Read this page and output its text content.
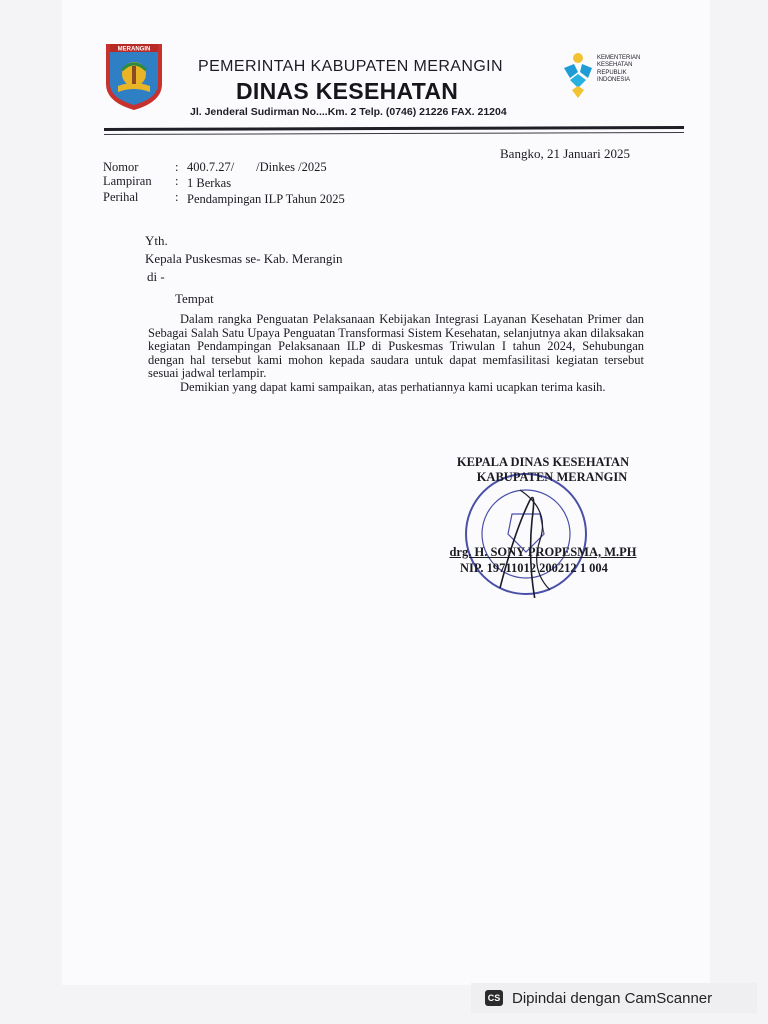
MERANGIN
PEMERINTAH KABUPATEN MERANGIN
DINAS KESEHATAN
Jl. Jenderal Sudirman No....Km. 2 Telp. (0746) 21226 FAX. 21204
KEMENTERIAN
KESEHATAN
REPUBLIK
INDONESIA
Bangko, 21 Januari 2025
Nomor	: 400.7.27/       /Dinkes /2025
Lampiran	: 1 Berkas
Perihal	: Pendampingan ILP Tahun 2025
Yth.
Kepala Puskesmas se- Kab. Merangin
di -
Tempat

Dalam rangka Penguatan Pelaksanaan Kebijakan Integrasi Layanan Kesehatan Primer dan Sebagai Salah Satu Upaya Penguatan Transformasi Sistem Kesehatan, selanjutnya akan dilaksakan kegiatan Pendampingan Pelaksanaan ILP di Puskesmas Triwulan I tahun 2024, Sehubungan dengan hal tersebut kami mohon kepada saudara untuk dapat memfasilitasi kegiatan tersebut sesuai jadwal terlampir.

Demikian yang dapat kami sampaikan, atas perhatiannya kami ucapkan terima kasih.

KEPALA DINAS KESEHATAN
KABUPATEN MERANGIN
drg. H. SONY PROPESMA, M.PH
NIP. 19711012 200212 1 004
CS Dipindai dengan CamScanner
